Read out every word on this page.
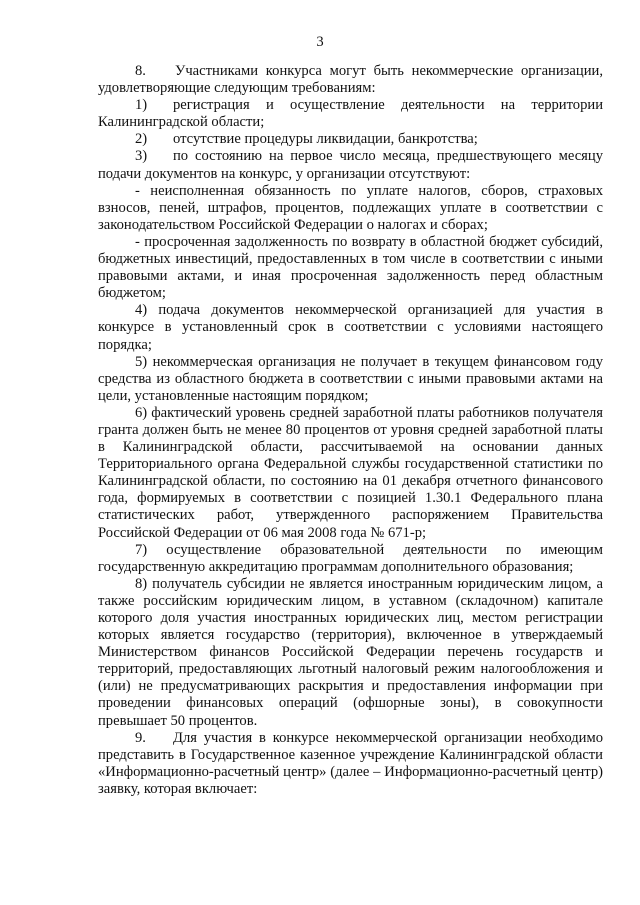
3

8. Участниками конкурса могут быть некоммерческие организации, удовлетворяющие следующим требованиям:

1) регистрация и осуществление деятельности на территории Калининградской области;

2) отсутствие процедуры ликвидации, банкротства;

3) по состоянию на первое число месяца, предшествующего месяцу подачи документов на конкурс, у организации отсутствуют:

- неисполненная обязанность по уплате налогов, сборов, страховых взносов, пеней, штрафов, процентов, подлежащих уплате в соответствии с законодательством Российской Федерации о налогах и сборах;

- просроченная задолженность по возврату в областной бюджет субсидий, бюджетных инвестиций, предоставленных в том числе в соответствии с иными правовыми актами, и иная просроченная задолженность перед областным бюджетом;

4) подача документов некоммерческой организацией для участия в конкурсе в установленный срок в соответствии с условиями настоящего порядка;

5) некоммерческая организация не получает в текущем финансовом году средства из областного бюджета в соответствии с иными правовыми актами на цели, установленные настоящим порядком;

6) фактический уровень средней заработной платы работников получателя гранта должен быть не менее 80 процентов от уровня средней заработной платы в Калининградской области, рассчитываемой на основании данных Территориального органа Федеральной службы государственной статистики по Калининградской области, по состоянию на 01 декабря отчетного финансового года, формируемых в соответствии с позицией 1.30.1 Федерального плана статистических работ, утвержденного распоряжением Правительства Российской Федерации от 06 мая 2008 года № 671-р;

7) осуществление образовательной деятельности по имеющим государственную аккредитацию программам дополнительного образования;

8) получатель субсидии не является иностранным юридическим лицом, а также российским юридическим лицом, в уставном (складочном) капитале которого доля участия иностранных юридических лиц, местом регистрации которых является государство (территория), включенное в утверждаемый Министерством финансов Российской Федерации перечень государств и территорий, предоставляющих льготный налоговый режим налогообложения и (или) не предусматривающих раскрытия и предоставления информации при проведении финансовых операций (офшорные зоны), в совокупности превышает 50 процентов.

9. Для участия в конкурсе некоммерческой организации необходимо представить в Государственное казенное учреждение Калининградской области «Информационно-расчетный центр» (далее – Информационно-расчетный центр) заявку, которая включает:
